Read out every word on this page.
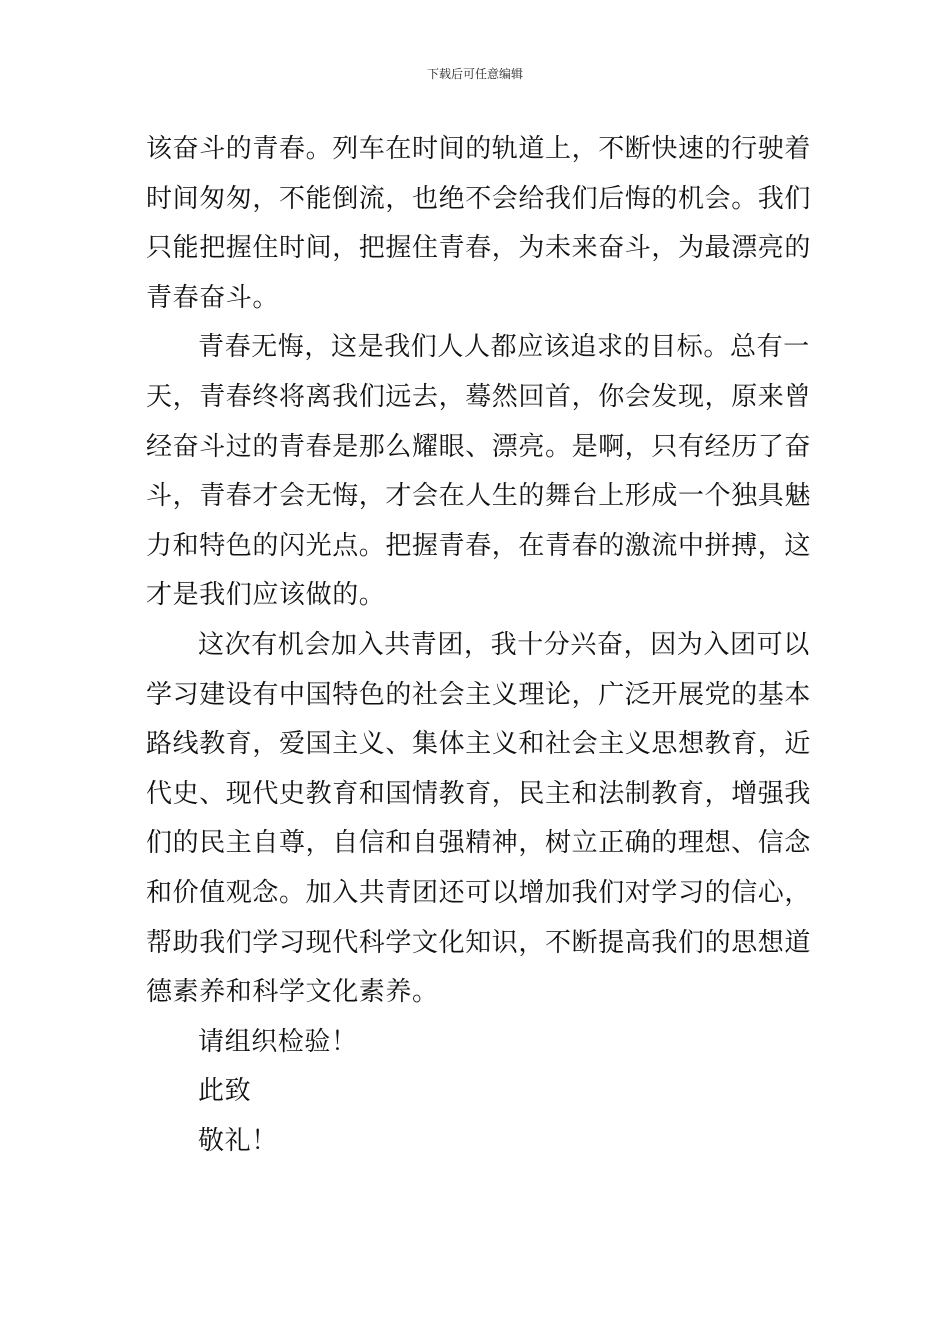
下载后可任意编辑

该奋斗的青春。列车在时间的轨道上，不断快速的行驶着
时间匆匆，不能倒流，也绝不会给我们后悔的机会。我们
只能把握住时间，把握住青春，为未来奋斗，为最漂亮的
青春奋斗。

青春无悔，这是我们人人都应该追求的目标。总有一
天，青春终将离我们远去，蓦然回首，你会发现，原来曾
经奋斗过的青春是那么耀眼、漂亮。是啊，只有经历了奋
斗，青春才会无悔，才会在人生的舞台上形成一个独具魅
力和特色的闪光点。把握青春，在青春的激流中拼搏，这
才是我们应该做的。

这次有机会加入共青团，我十分兴奋，因为入团可以
学习建设有中国特色的社会主义理论，广泛开展党的基本
路线教育，爱国主义、集体主义和社会主义思想教育，近
代史、现代史教育和国情教育，民主和法制教育，增强我
们的民主自尊，自信和自强精神，树立正确的理想、信念
和价值观念。加入共青团还可以增加我们对学习的信心，
帮助我们学习现代科学文化知识，不断提高我们的思想道
德素养和科学文化素养。

请组织检验！

此致

敬礼！
